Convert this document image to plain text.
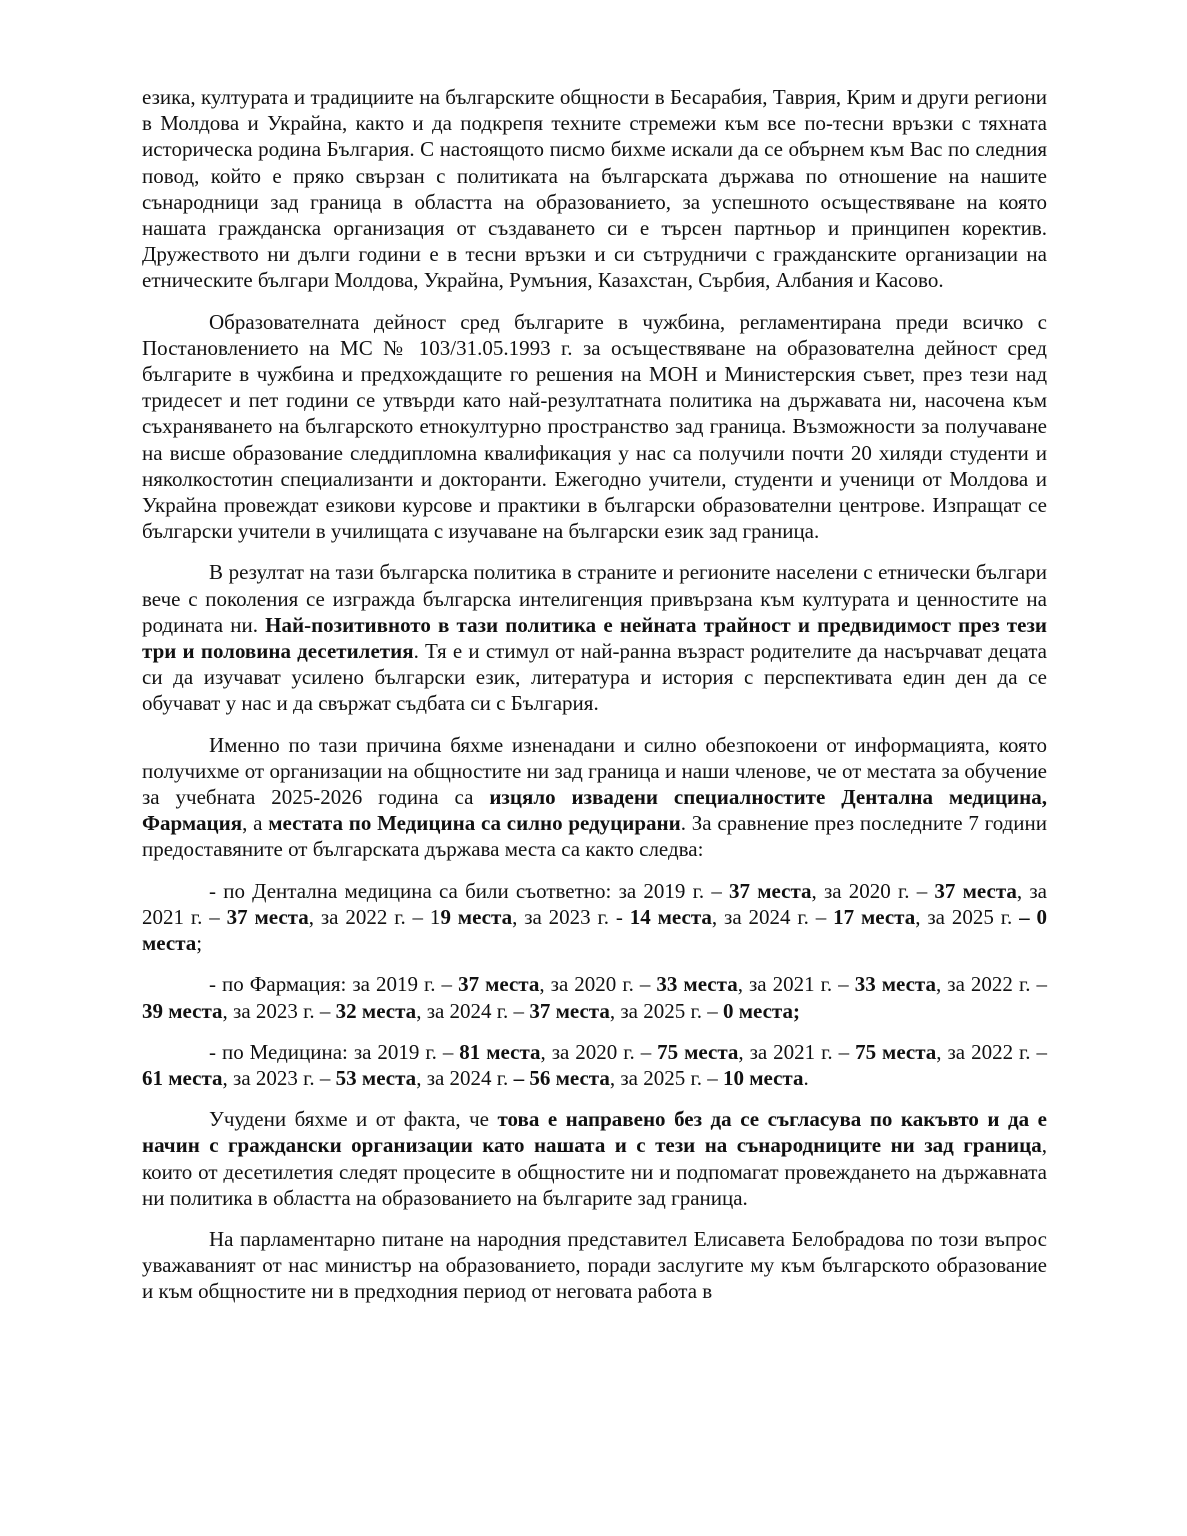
езика, културата и традициите на българските общности в Бесарабия, Таврия, Крим и други региони в Молдова и Украйна, както и да подкрепя техните стремежи към все по-тесни връзки с тяхната историческа родина България. С настоящото писмо бихме искали да се обърнем към Вас по следния повод, който е пряко свързан с политиката на българската държава по отношение на нашите сънародници зад граница в областта на образованието, за успешното осъществяване на която нашата гражданска организация от създаването си е търсен партньор и принципен коректив. Дружеството ни дълги години е в тесни връзки и си сътрудничи с гражданските организации на етническите българи Молдова, Украйна, Румъния, Казахстан, Сърбия, Албания и Касово.

Образователната дейност сред българите в чужбина, регламентирана преди всичко с Постановлението на МС № 103/31.05.1993 г. за осъществяване на образователна дейност сред българите в чужбина и предхождащите го решения на МОН и Министерския съвет, през тези над тридесет и пет години се утвърди като най-резултатната политика на държавата ни, насочена към съхраняването на българското етнокултурно пространство зад граница. Възможности за получаване на висше образование следдипломна квалификация у нас са получили почти 20 хиляди студенти и няколкостотин специализанти и докторанти. Ежегодно учители, студенти и ученици от Молдова и Украйна провеждат езикови курсове и практики в български образователни центрове. Изпращат се български учители в училищата с изучаване на български език зад граница.

В резултат на тази българска политика в страните и регионите населени с етнически българи вече с поколения се изгражда българска интелигенция привързана към културата и ценностите на родината ни. Най-позитивното в тази политика е нейната трайност и предвидимост през тези три и половина десетилетия. Тя е и стимул от най-ранна възраст родителите да насърчават децата си да изучават усилено български език, литература и история с перспективата един ден да се обучават у нас и да свържат съдбата си с България.

Именно по тази причина бяхме изненадани и силно обезпокоени от информацията, която получихме от организации на общностите ни зад граница и наши членове, че от местата за обучение за учебната 2025-2026 година са изцяло извадени специалностите Дентална медицина, Фармация, а местата по Медицина са силно редуцирани. За сравнение през последните 7 години предоставяните от българската държава места са както следва:

- по Дентална медицина са били съответно: за 2019 г. – 37 места, за 2020 г. – 37 места, за 2021 г. – 37 места, за 2022 г. – 19 места, за 2023 г. - 14 места, за 2024 г. – 17 места, за 2025 г. – 0 места;

- по Фармация: за 2019 г. – 37 места, за 2020 г. – 33 места, за 2021 г. – 33 места, за 2022 г. – 39 места, за 2023 г. – 32 места, за 2024 г. – 37 места, за 2025 г. – 0 места;

- по Медицина: за 2019 г. – 81 места, за 2020 г. – 75 места, за 2021 г. – 75 места, за 2022 г. – 61 места, за 2023 г. – 53 места, за 2024 г. – 56 места, за 2025 г. – 10 места.

Учудени бяхме и от факта, че това е направено без да се съгласува по какъвто и да е начин с граждански организации като нашата и с тези на сънародниците ни зад граница, които от десетилетия следят процесите в общностите ни и подпомагат провеждането на държавната ни политика в областта на образованието на българите зад граница.

На парламентарно питане на народния представител Елисавета Белобрадова по този въпрос уважаваният от нас министър на образованието, поради заслугите му към българското образование и към общностите ни в предходния период от неговата работа в
